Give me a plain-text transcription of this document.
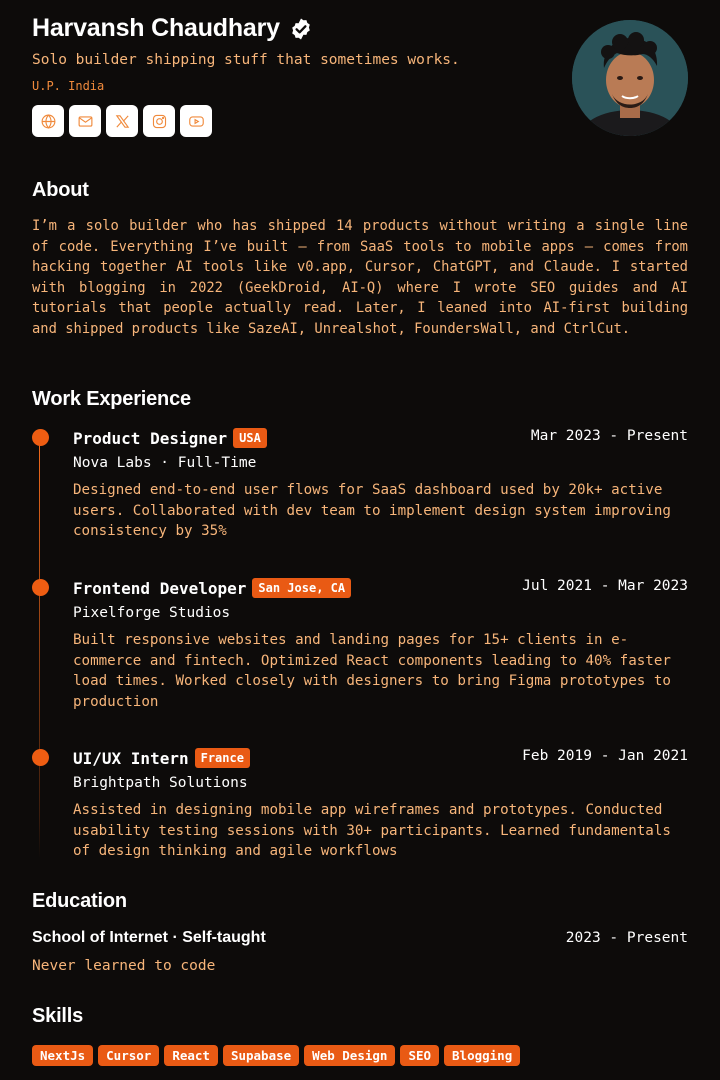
Harvansh Chaudhary
Solo builder shipping stuff that sometimes works.
U.P. India
About
I’m a solo builder who has shipped 14 products without writing a single line of code. Everything I’ve built — from SaaS tools to mobile apps — comes from hacking together AI tools like v0.app, Cursor, ChatGPT, and Claude. I started with blogging in 2022 (GeekDroid, AI-Q) where I wrote SEO guides and AI tutorials that people actually read. Later, I leaned into AI-first building and shipped products like SazeAI, Unrealshot, FoundersWall, and CtrlCut.
Work Experience
Product Designer	USA	Mar 2023 - Present
Nova Labs · Full-Time
Designed end-to-end user flows for SaaS dashboard used by 20k+ active users. Collaborated with dev team to implement design system improving consistency by 35%
Frontend Developer	San Jose, CA	Jul 2021 - Mar 2023
Pixelforge Studios
Built responsive websites and landing pages for 15+ clients in e-commerce and fintech. Optimized React components leading to 40% faster load times. Worked closely with designers to bring Figma prototypes to production
UI/UX Intern	France	Feb 2019 - Jan 2021
Brightpath Solutions
Assisted in designing mobile app wireframes and prototypes. Conducted usability testing sessions with 30+ participants. Learned fundamentals of design thinking and agile workflows
Education
School of Internet · Self-taught	2023 - Present
Never learned to code
Skills
NextJs	Cursor	React	Supabase	Web Design	SEO	Blogging
